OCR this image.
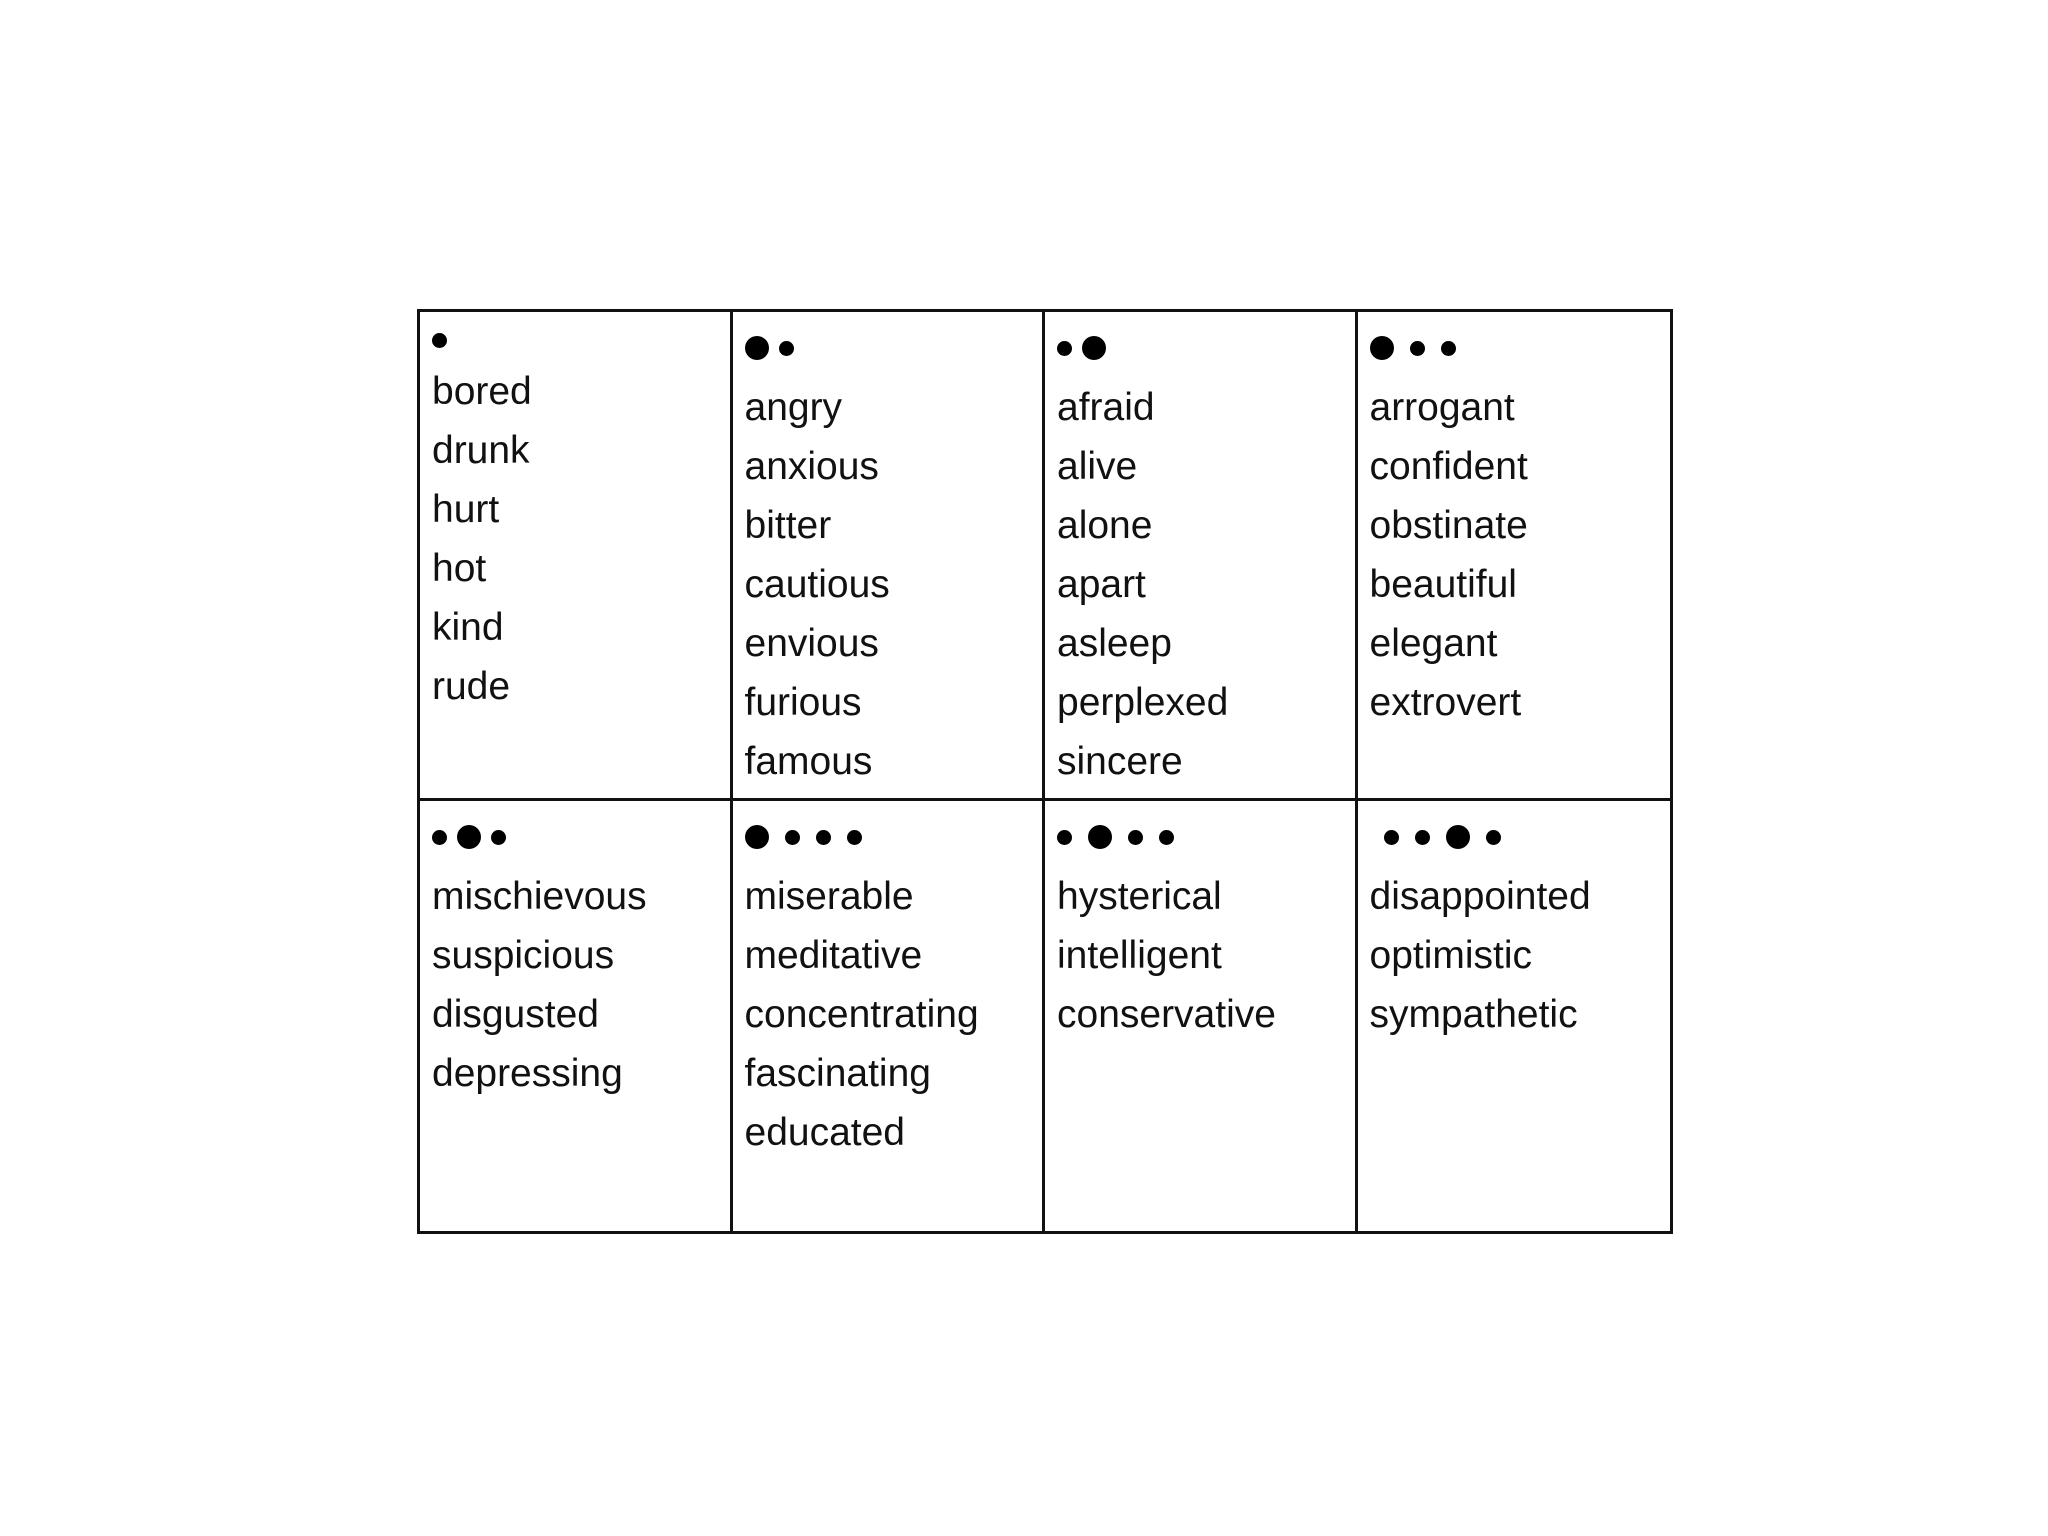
bored
drunk
hurt
hot
kind
rude
angry
anxious
bitter
cautious
envious
furious
famous
afraid
alive
alone
apart
asleep
perplexed
sincere
arrogant
confident
obstinate
beautiful
elegant
extrovert
mischievous
suspicious
disgusted
depressing
miserable
meditative
concentrating
fascinating
educated
hysterical
intelligent
conservative
disappointed
optimistic
sympathetic
